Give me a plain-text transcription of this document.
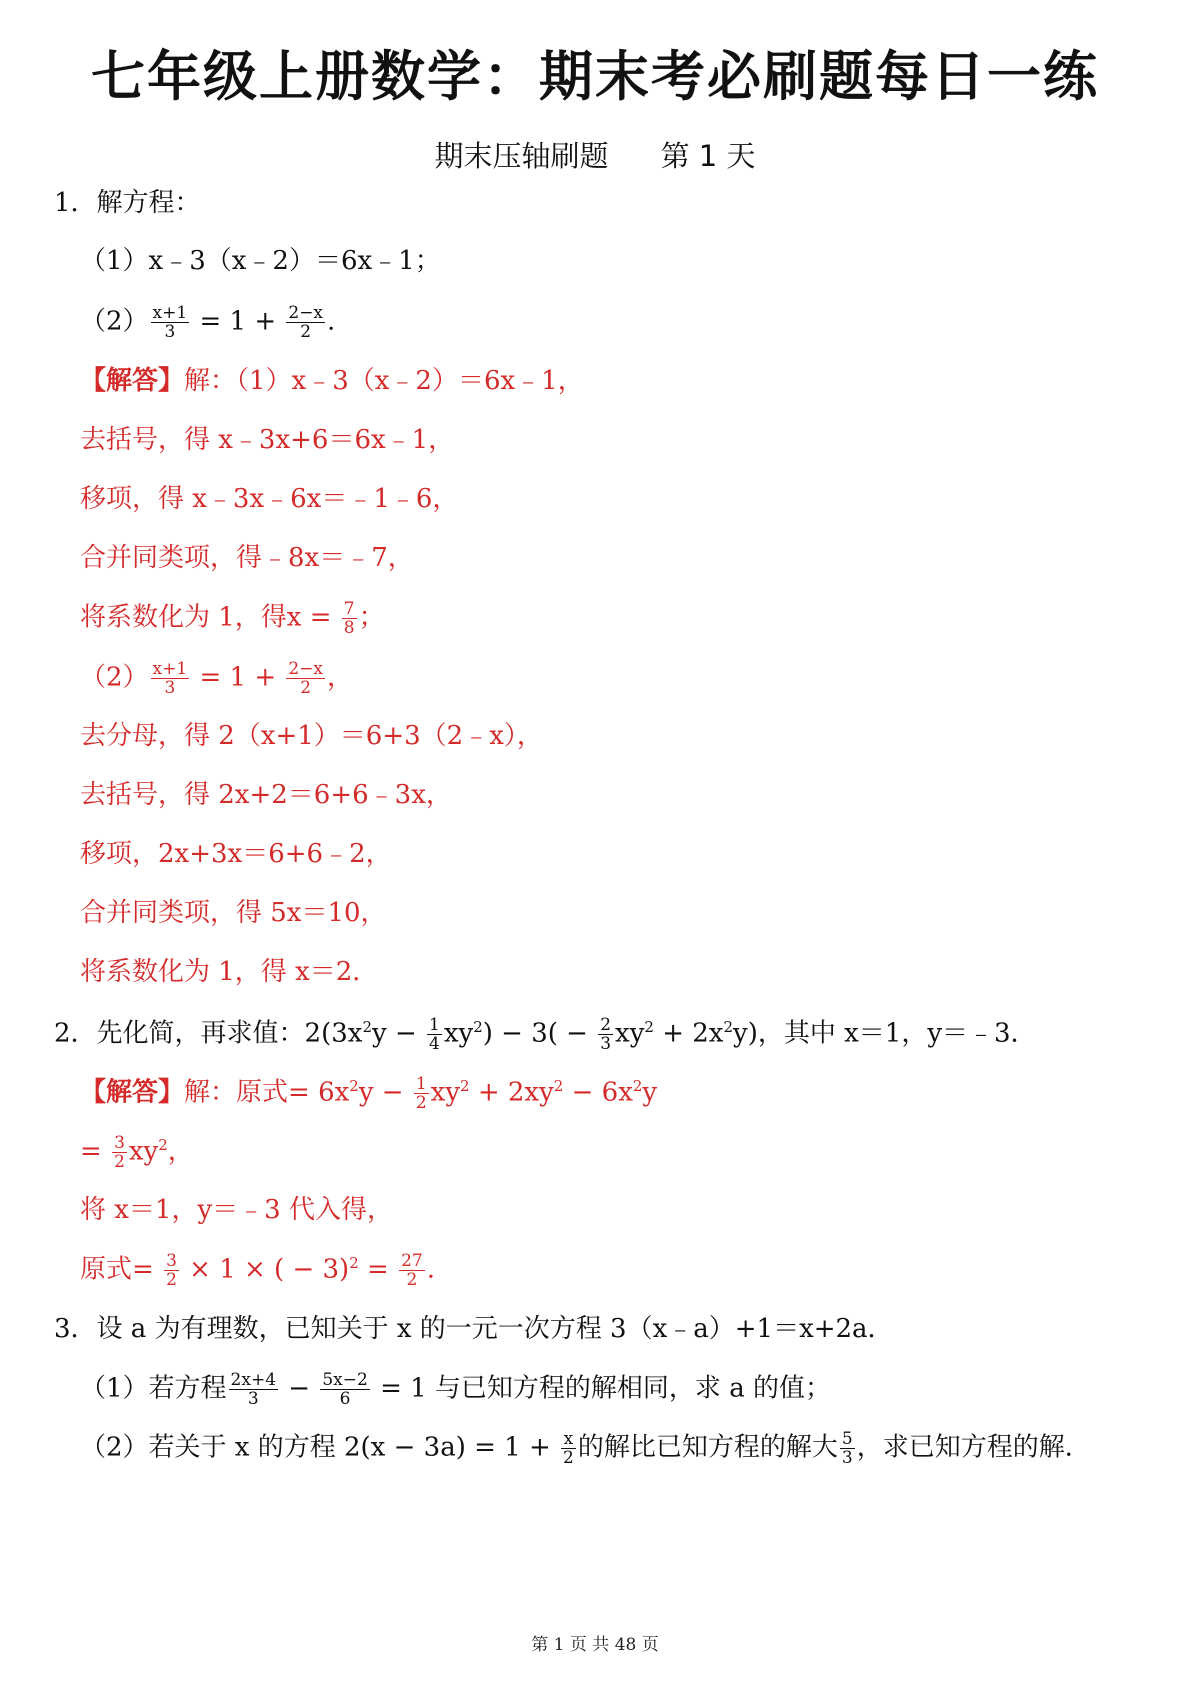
七年级上册数学：期末考必刷题每日一练
期末压轴刷题 第 1 天
1．解方程：
（1）x﹣3（x﹣2）＝6x﹣1；
$(2) \frac{x+1}{3} = 1 + \frac{2-x}{2}$ .
【解答】解：（1）x﹣3（x﹣2）＝6x﹣1，
去括号，得 x﹣3x+6＝6x﹣1，
移项，得 x﹣3x﹣6x＝﹣1﹣6，
合并同类项，得﹣8x＝﹣7，
将系数化为 1，得$x = \frac{7}{8}$ ；
$(2) \frac{x+1}{3} = 1 + \frac{2-x}{2}$ ，
去分母，得 2（x+1）＝6+3（2﹣x），
去括号，得 2x+2＝6+6﹣3x，
移项，2x+3x＝6+6﹣2，
合并同类项，得 5x＝10，
将系数化为 1，得 x＝2．
2．先化简，再求值：$2(3x^2y - \frac{1}{4} xy^2) - 3( - \frac{2}{3} xy^2 + 2x^2y)$，其中 x＝1，y＝﹣3．
【解答】解：原式= $6x^2y - \frac{1}{2} xy^2 + 2xy^2 - 6x^2y$
= $\frac{3}{2} xy^2$，
将 x＝1，y＝﹣3 代入得，
原式= $\frac{3}{2} \times 1$ × ( − $3)^2 = \frac{27}{2}$ .
3．设 a 为有理数，已知关于 x 的一元一次方程 3（x﹣a）+1＝x+2a．
（1）若方程 $\frac{2x+4}{3} - \frac{5x-2}{6} = 1$ 与已知方程的解相同，求 a 的值；
（2）若关于 x 的方程 $2(x - 3a) = 1 + \frac{x}{2}$ 的解比已知方程的解大 $\frac{5}{3}$ ，求已知方程的解．
第 1 页 共 48 页
